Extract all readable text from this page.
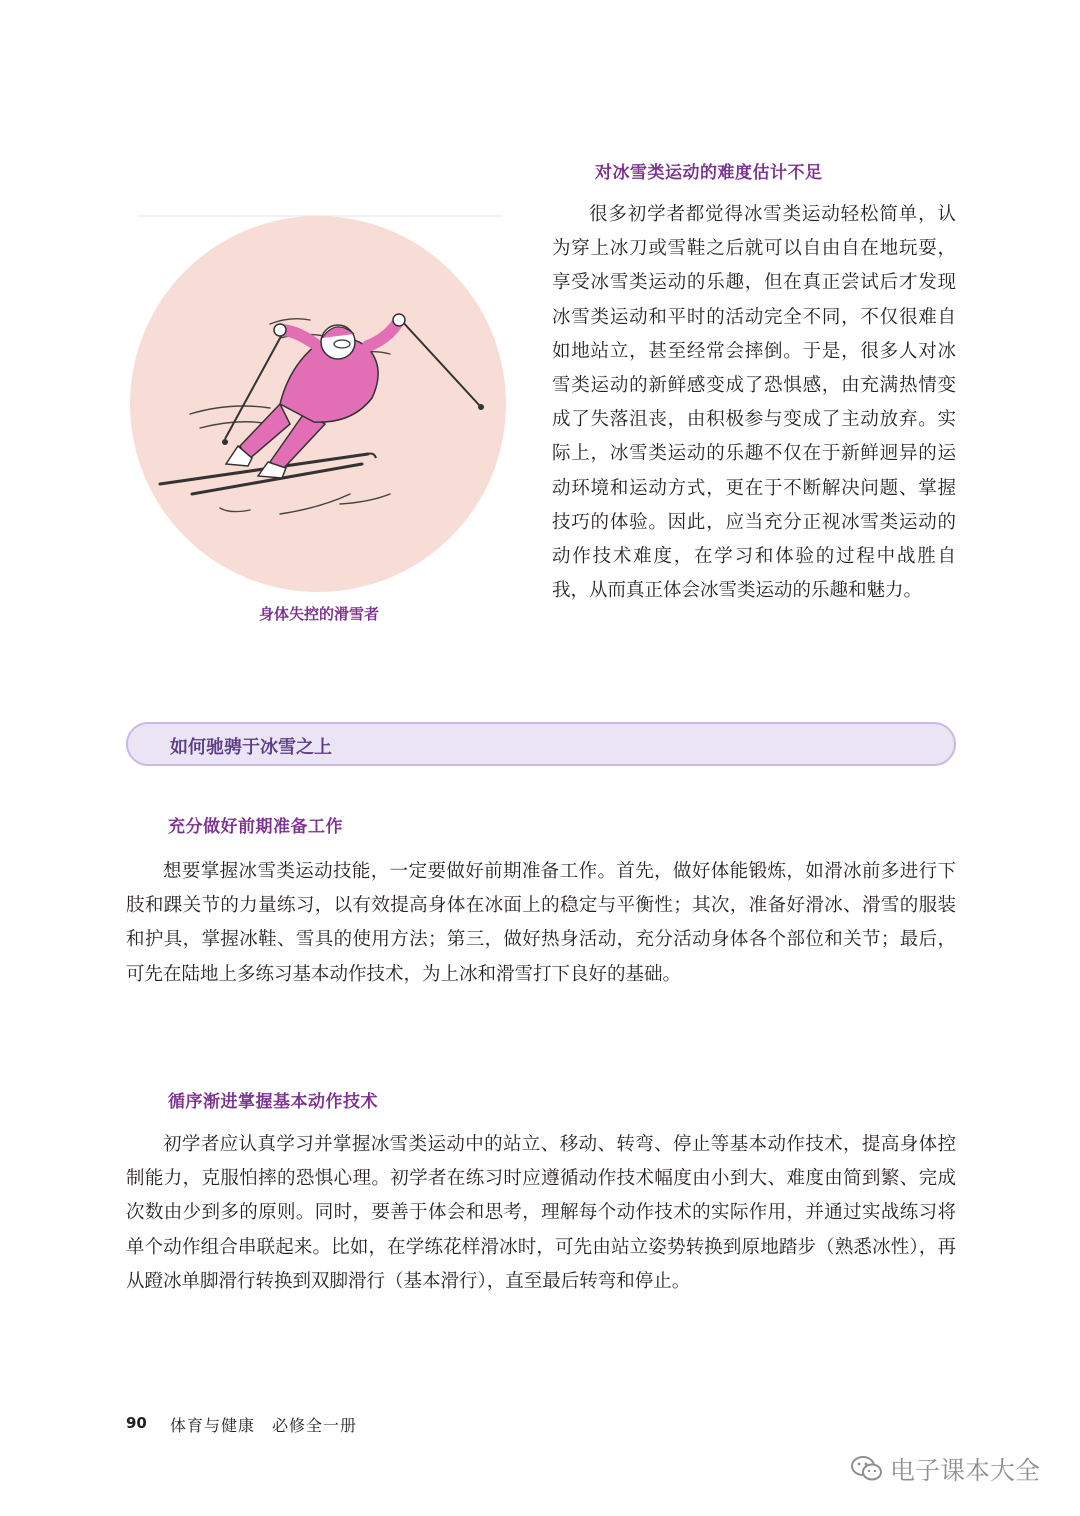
身体失控的滑雪者
对冰雪类运动的难度估计不足

很多初学者都觉得冰雪类运动轻松简单，认为穿上冰刀或雪鞋之后就可以自由自在地玩耍，享受冰雪类运动的乐趣，但在真正尝试后才发现冰雪类运动和平时的活动完全不同，不仅很难自如地站立，甚至经常会摔倒。于是，很多人对冰雪类运动的新鲜感变成了恐惧感，由充满热情变成了失落沮丧，由积极参与变成了主动放弃。实际上，冰雪类运动的乐趣不仅在于新鲜迥异的运动环境和运动方式，更在于不断解决问题、掌握技巧的体验。因此，应当充分正视冰雪类运动的动作技术难度，在学习和体验的过程中战胜自我，从而真正体会冰雪类运动的乐趣和魅力。

如何驰骋于冰雪之上
充分做好前期准备工作

想要掌握冰雪类运动技能，一定要做好前期准备工作。首先，做好体能锻炼，如滑冰前多进行下肢和踝关节的力量练习，以有效提高身体在冰面上的稳定与平衡性；其次，准备好滑冰、滑雪的服装和护具，掌握冰鞋、雪具的使用方法；第三，做好热身活动，充分活动身体各个部位和关节；最后，可先在陆地上多练习基本动作技术，为上冰和滑雪打下良好的基础。

循序渐进掌握基本动作技术

初学者应认真学习并掌握冰雪类运动中的站立、移动、转弯、停止等基本动作技术，提高身体控制能力，克服怕摔的恐惧心理。初学者在练习时应遵循动作技术幅度由小到大、难度由简到繁、完成次数由少到多的原则。同时，要善于体会和思考，理解每个动作技术的实际作用，并通过实战练习将单个动作组合串联起来。比如，在学练花样滑冰时，可先由站立姿势转换到原地踏步（熟悉冰性），再从蹬冰单脚滑行转换到双脚滑行（基本滑行），直至最后转弯和停止。

90 体育与健康　必修全一册
电子课本大全
